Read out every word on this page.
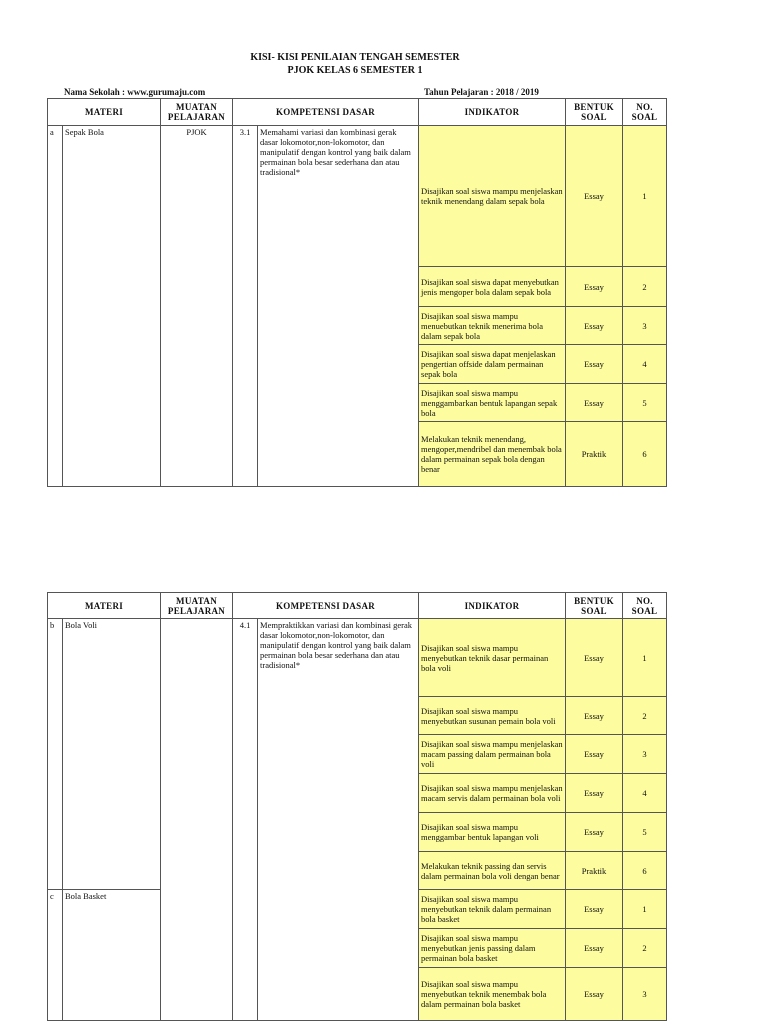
KISI- KISI PENILAIAN TENGAH SEMESTER
PJOK KELAS 6 SEMESTER 1
Nama Sekolah : www.gurumaju.com	Tahun Pelajaran : 2018 / 2019
MATERI		MUATAN PELAJARAN	KOMPETENSI DASAR		INDIKATOR	BENTUK SOAL	NO. SOAL
a	Sepak Bola	PJOK	3.1	Memahami variasi dan kombinasi gerak dasar lokomotor,non-lokomotor, dan manipulatif dengan kontrol yang baik dalam permainan bola besar sederhana dan atau tradisional*	Disajikan soal siswa mampu menjelaskan teknik menendang dalam sepak bola	Essay	1
					Disajikan soal siswa dapat menyebutkan jenis mengoper bola dalam sepak bola	Essay	2
					Disajikan soal siswa mampu menuebutkan teknik menerima bola dalam sepak bola	Essay	3
					Disajikan soal siswa dapat menjelaskan pengertian offside dalam permainan sepak bola	Essay	4
					Disajikan soal siswa mampu menggambarkan bentuk lapangan sepak bola	Essay	5
					Melakukan teknik menendang, mengoper,mendribel dan menembak bola dalam permainan sepak bola dengan benar	Praktik	6
MATERI		MUATAN PELAJARAN	KOMPETENSI DASAR		INDIKATOR	BENTUK SOAL	NO. SOAL
b	Bola Voli		4.1	Mempraktikkan variasi dan kombinasi gerak dasar lokomotor,non-lokomotor, dan manipulatif dengan kontrol yang baik dalam permainan bola besar sederhana dan atau tradisional*	Disajikan soal siswa mampu menyebutkan teknik dasar permainan bola voli	Essay	1
					Disajikan soal siswa mampu menyebutkan susunan pemain bola voli	Essay	2
					Disajikan soal siswa mampu menjelaskan macam passing dalam permainan bola voli	Essay	3
					Disajikan soal siswa mampu menjelaskan macam servis dalam permainan bola voli	Essay	4
					Disajikan soal siswa mampu menggambar bentuk lapangan voli	Essay	5
					Melakukan teknik passing dan servis dalam permainan bola voli dengan benar	Praktik	6
c	Bola Basket				Disajikan soal siswa mampu menyebutkan teknik dalam permainan bola basket	Essay	1
					Disajikan soal siswa mampu menyebutkan jenis passing dalam permainan bola basket	Essay	2
					Disajikan soal siswa mampu menyebutkan teknik menembak bola dalam permainan bola basket	Essay	3
